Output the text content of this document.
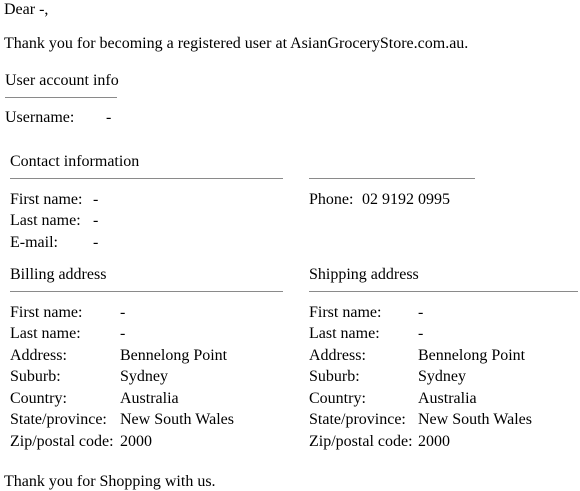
Dear -,
Thank you for becoming a registered user at AsianGroceryStore.com.au.
User account info
Username: -
Contact information
First name: -
Last name: -
E-mail: -
Phone: 02 9192 0995
Billing address
First name: -
Last name: -
Address:	Bennelong Point
Suburb:	Sydney
Country:	Australia
State/province: New South Wales
Zip/postal code: 2000
Shipping address
First name: -
Last name: -
Address:	Bennelong Point
Suburb:	Sydney
Country:	Australia
State/province: New South Wales
Zip/postal code: 2000
Thank you for Shopping with us.
